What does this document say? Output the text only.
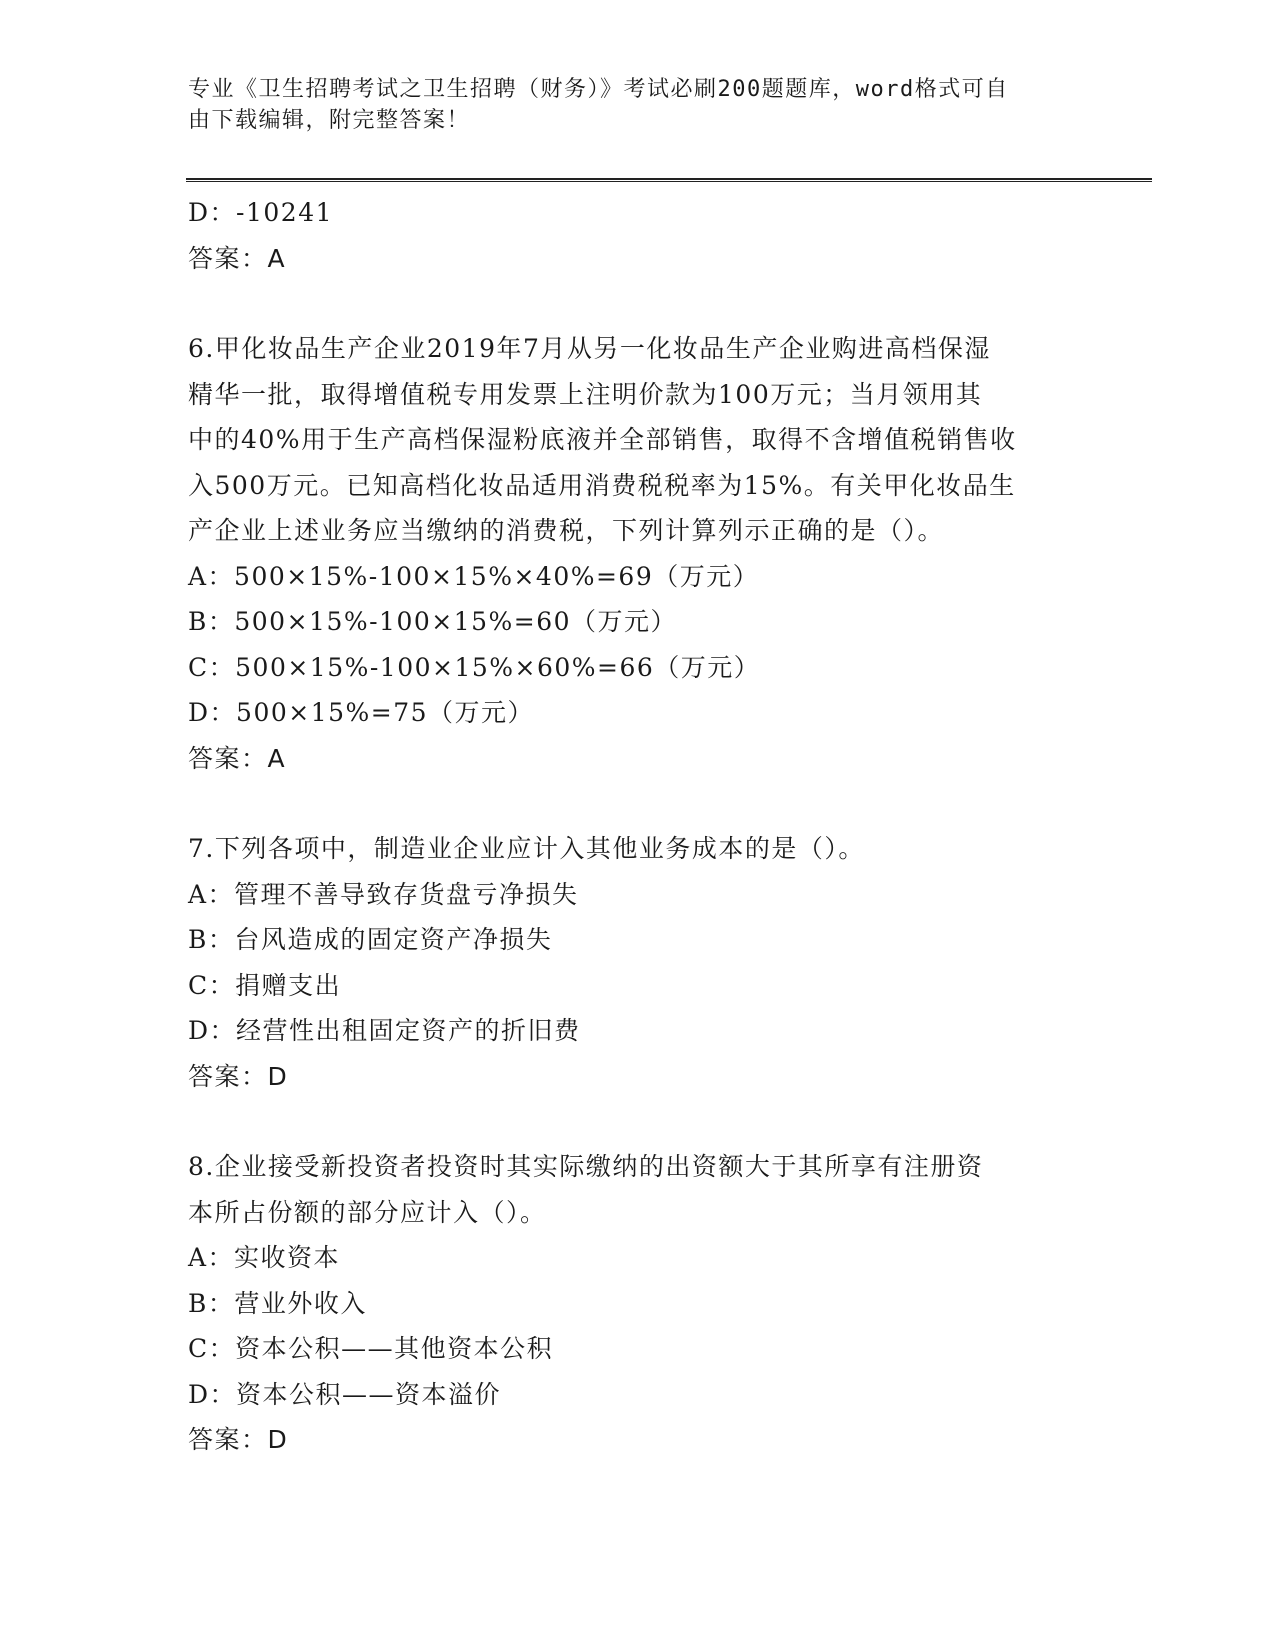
专业《卫生招聘考试之卫生招聘（财务）》考试必刷200题题库，word格式可自
由下载编辑，附完整答案！

D：-10241

答案：A

6.甲化妆品生产企业2019年7月从另一化妆品生产企业购进高档保湿

精华一批，取得增值税专用发票上注明价款为100万元；当月领用其

中的40%用于生产高档保湿粉底液并全部销售，取得不含增值税销售收

入500万元。已知高档化妆品适用消费税税率为15%。有关甲化妆品生

产企业上述业务应当缴纳的消费税，下列计算列示正确的是（）。

A：500×15%-100×15%×40%=69（万元）

B：500×15%-100×15%=60（万元）

C：500×15%-100×15%×60%=66（万元）

D：500×15%=75（万元）

答案：A

7.下列各项中，制造业企业应计入其他业务成本的是（）。

A：管理不善导致存货盘亏净损失

B：台风造成的固定资产净损失

C：捐赠支出

D：经营性出租固定资产的折旧费

答案：D

8.企业接受新投资者投资时其实际缴纳的出资额大于其所享有注册资

本所占份额的部分应计入（）。

A：实收资本

B：营业外收入

C：资本公积——其他资本公积

D：资本公积——资本溢价

答案：D
